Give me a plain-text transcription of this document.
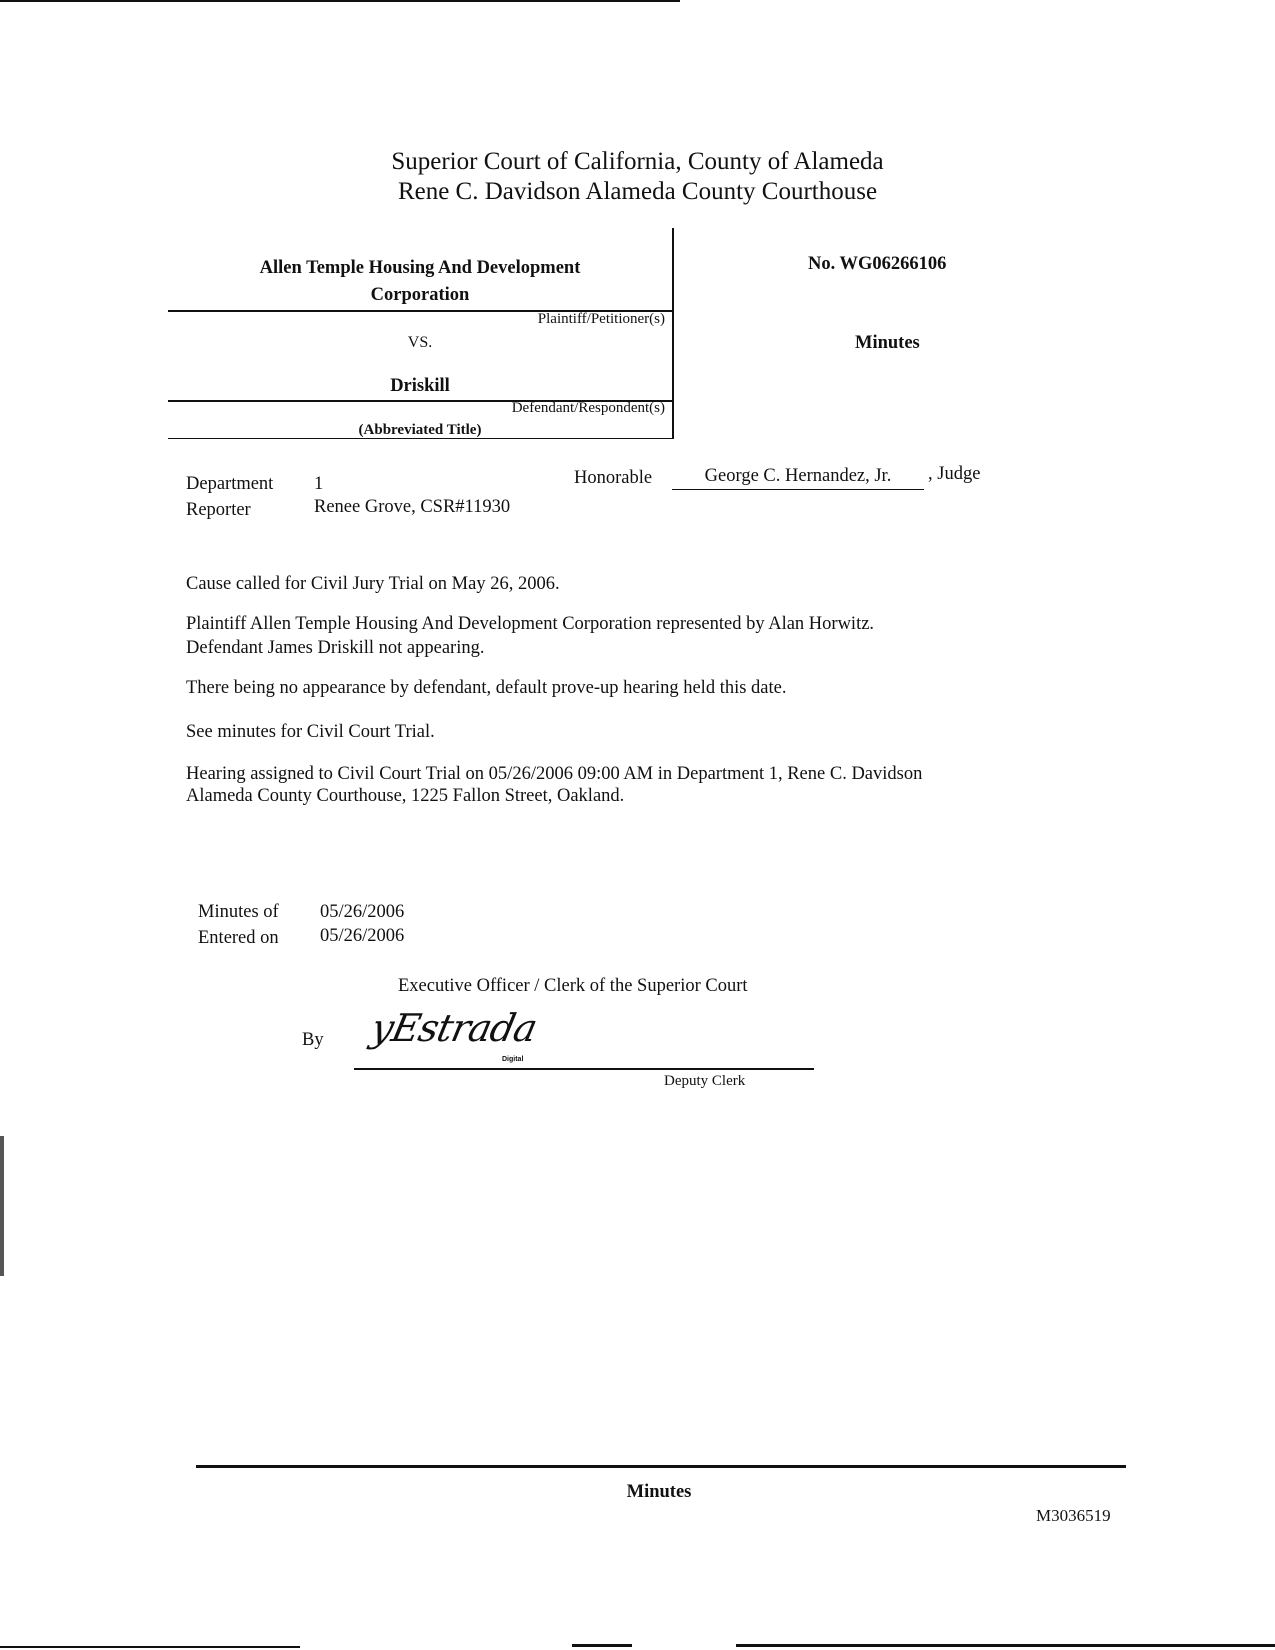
Superior Court of California, County of Alameda
Rene C. Davidson Alameda County Courthouse
Allen Temple Housing And Development
Corporation
Plaintiff/Petitioner(s)
VS.
Driskill
Defendant/Respondent(s)
(Abbreviated Title)
No. WG06266106
Minutes
Department 1
Reporter	Renee Grove, CSR#11930
Honorable	George C. Hernandez, Jr.	, Judge
Cause called for Civil Jury Trial on May 26, 2006.
Plaintiff Allen Temple Housing And Development Corporation represented by Alan Horwitz.
Defendant James Driskill not appearing.
There being no appearance by defendant, default prove-up hearing held this date.
See minutes for Civil Court Trial.
Hearing assigned to Civil Court Trial on 05/26/2006 09:00 AM in Department 1, Rene C. Davidson
Alameda County Courthouse, 1225 Fallon Street, Oakland.
Minutes of 05/26/2006
Entered on 05/26/2006
Executive Officer / Clerk of the Superior Court
By yEstrada
Digital
Deputy Clerk
Minutes
M3036519
